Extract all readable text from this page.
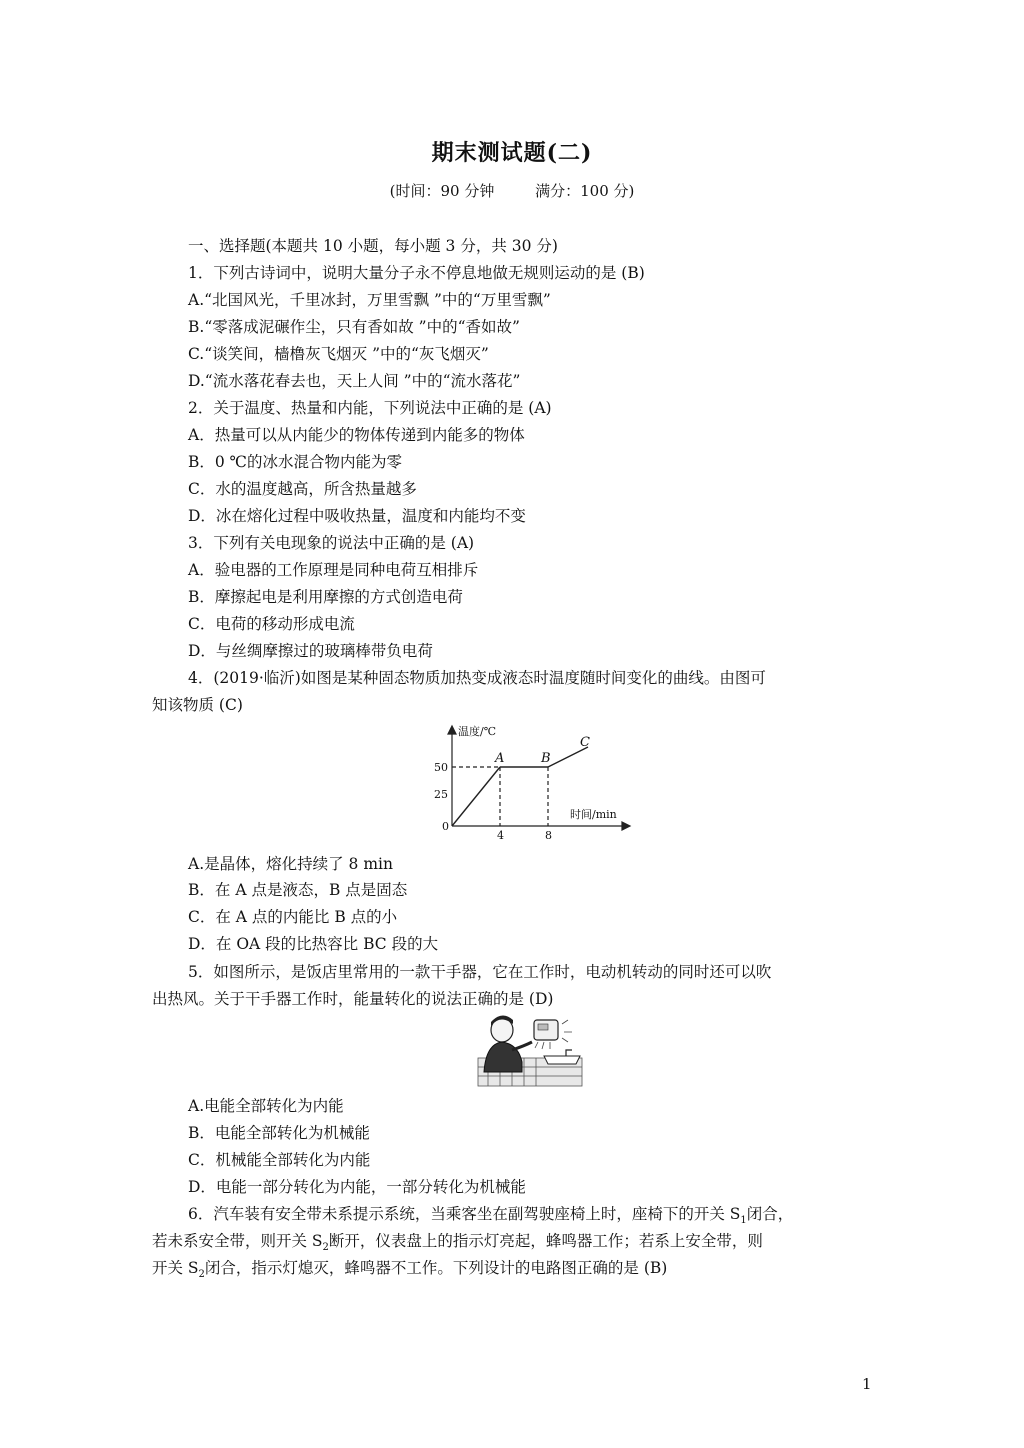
期末测试题(二)
(时间：90 分钟	满分：100 分)
一、选择题(本题共 10 小题，每小题 3 分，共 30 分)
1．下列古诗词中，说明大量分子永不停息地做无规则运动的是 (B)
A.“北国风光，千里冰封，万里雪飘 ”中的“万里雪飘”
B.“零落成泥碾作尘，只有香如故 ”中的“香如故”
C.“谈笑间，樯橹灰飞烟灭 ”中的“灰飞烟灭”
D.“流水落花春去也，天上人间 ”中的“流水落花”
2．关于温度、热量和内能，下列说法中正确的是 (A)
A．热量可以从内能少的物体传递到内能多的物体
B．0 ℃的冰水混合物内能为零
C．水的温度越高，所含热量越多
D．冰在熔化过程中吸收热量，温度和内能均不变
3．下列有关电现象的说法中正确的是 (A)
A．验电器的工作原理是同种电荷互相排斥
B．摩擦起电是利用摩擦的方式创造电荷
C．电荷的移动形成电流
D．与丝绸摩擦过的玻璃棒带负电荷
4．(2019·临沂)如图是某种固态物质加热变成液态时温度随时间变化的曲线。由图可
知该物质 (C)
温度/℃
时间/min
0
50
25
4	8
A	B
C
A.是晶体，熔化持续了 8 min
B．在 A 点是液态，B 点是固态
C．在 A 点的内能比 B 点的小
D．在 OA 段的比热容比 BC 段的大
5．如图所示，是饭店里常用的一款干手器，它在工作时，电动机转动的同时还可以吹
出热风。关于干手器工作时，能量转化的说法正确的是 (D)
A.电能全部转化为内能
B．电能全部转化为机械能
C．机械能全部转化为内能
D．电能一部分转化为内能，一部分转化为机械能
6．汽车装有安全带未系提示系统，当乘客坐在副驾驶座椅上时，座椅下的开关 $S_1$闭合，
若未系安全带，则开关 $S_2$断开，仪表盘上的指示灯亮起，蜂鸣器工作；若系上安全带，则
开关 $S_2$闭合，指示灯熄灭，蜂鸣器不工作。下列设计的电路图正确的是 (B)
1
